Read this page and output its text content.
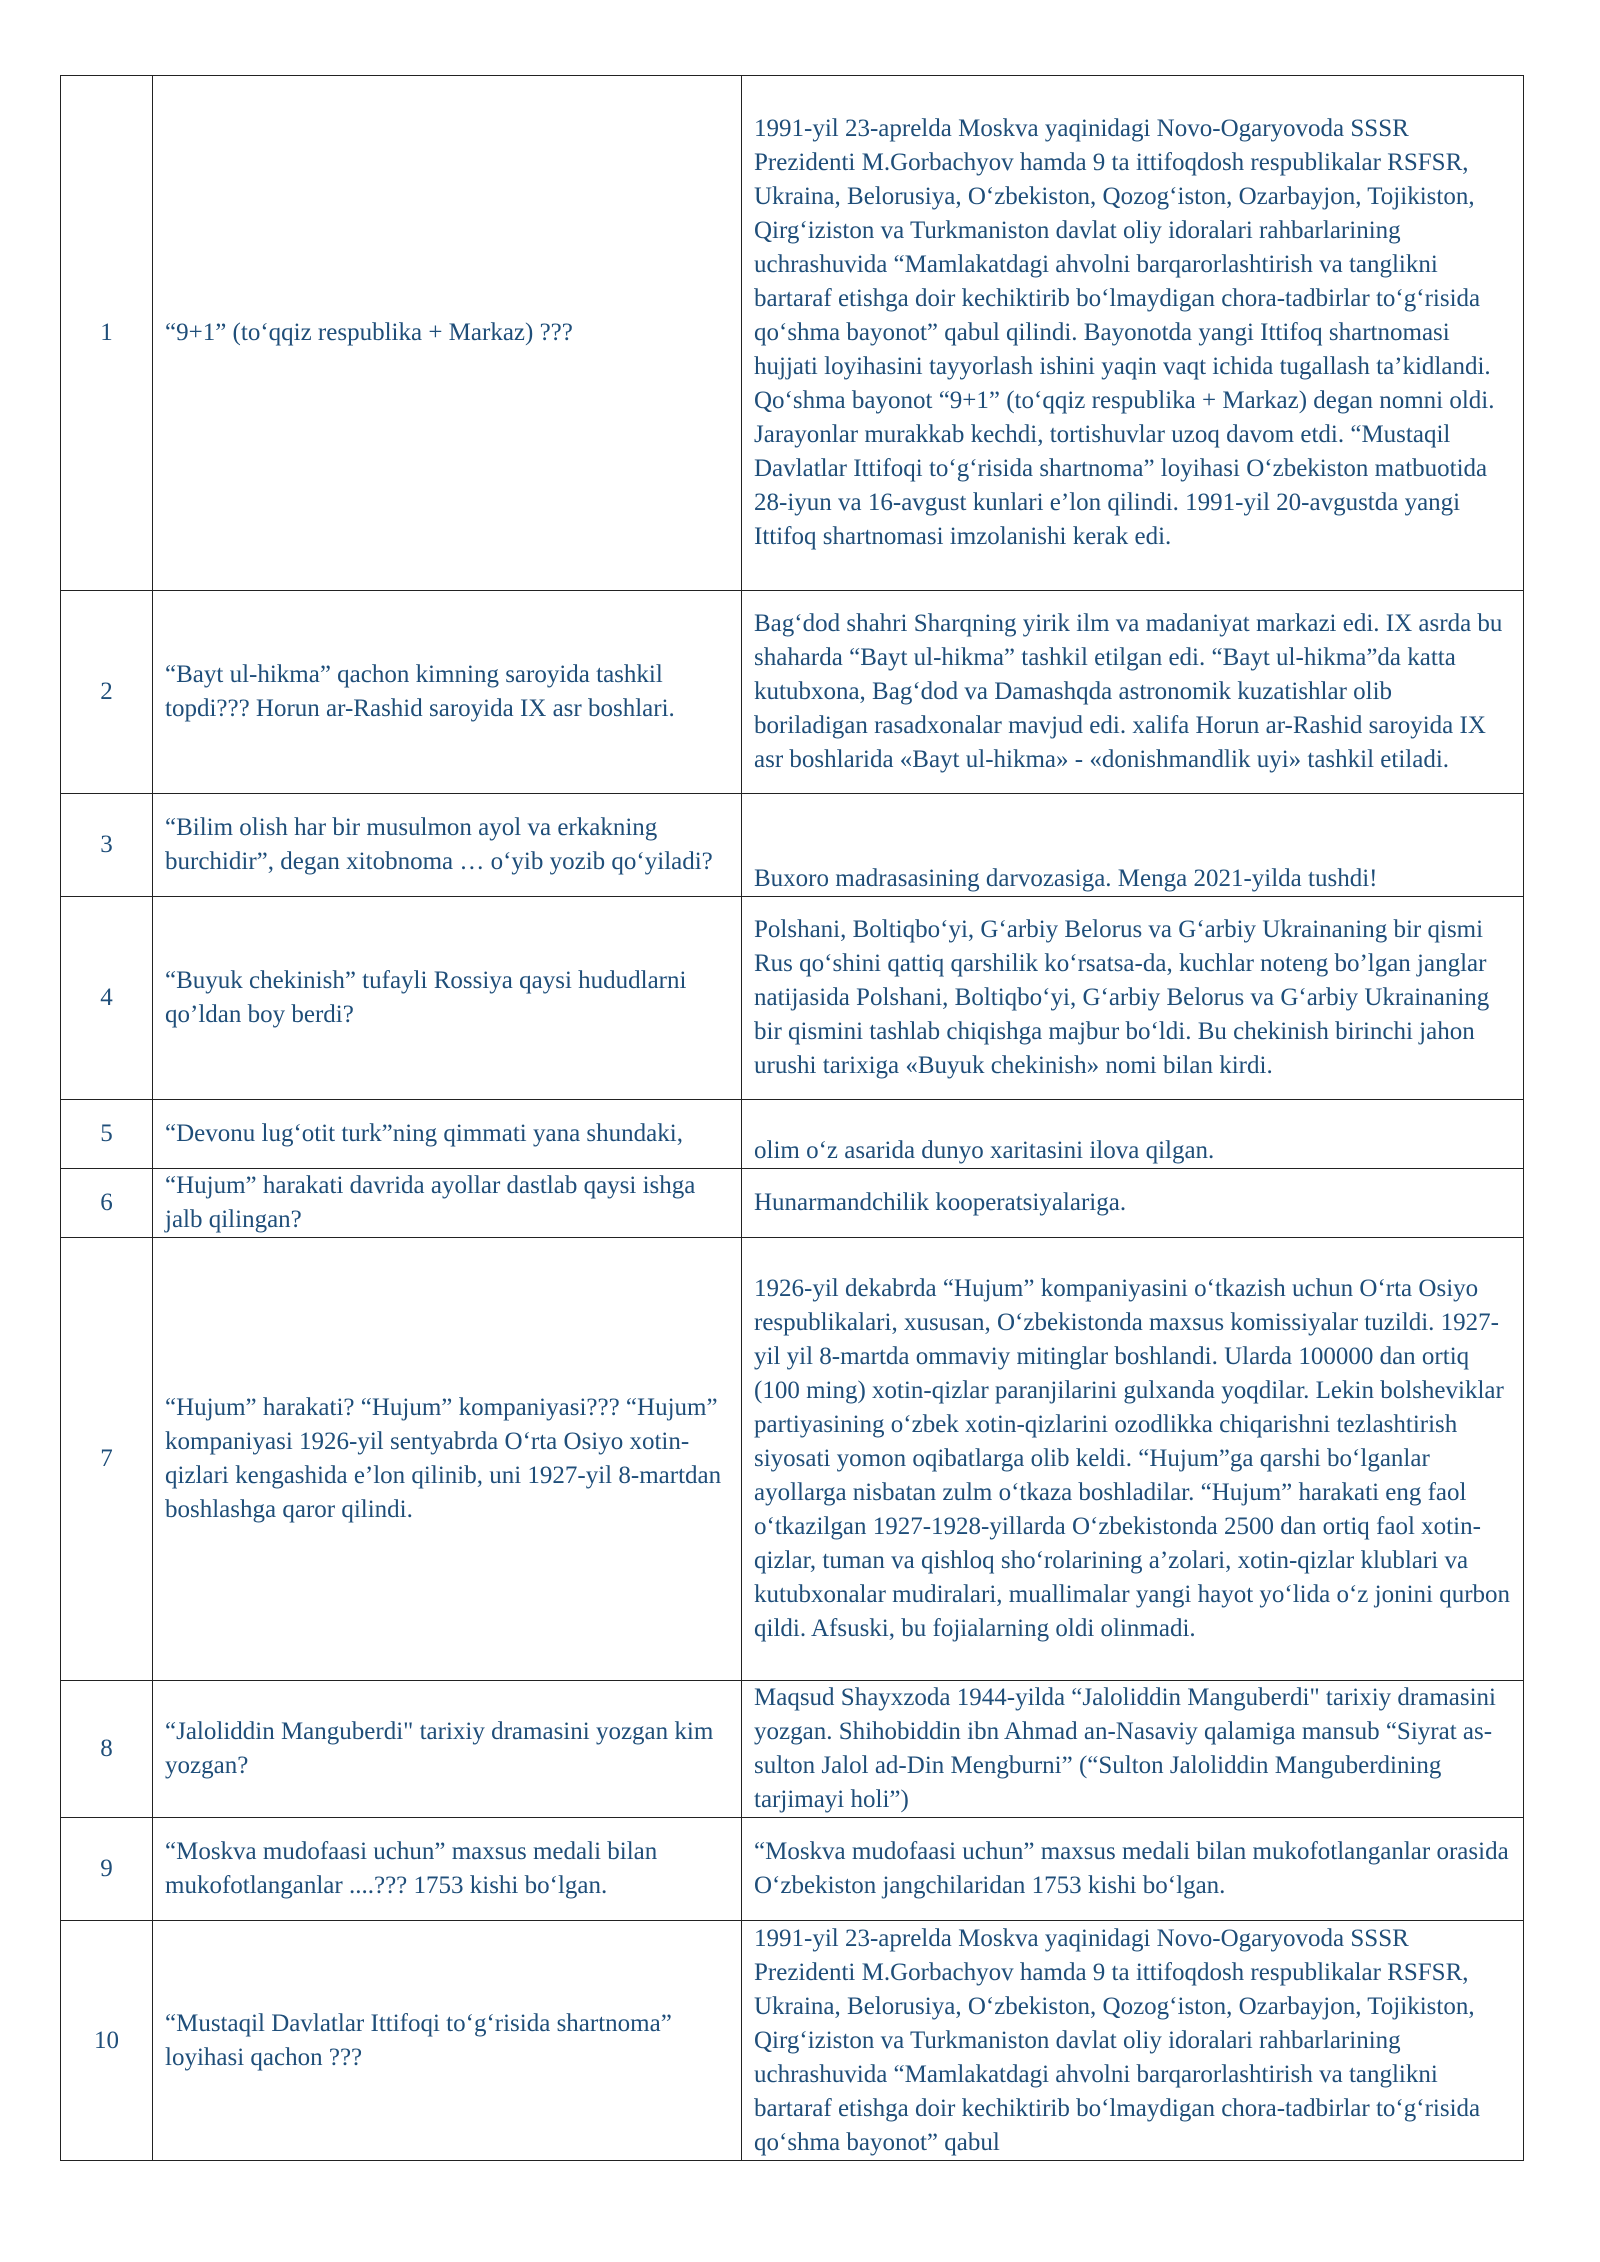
1	“9+1” (to‘qqiz respublika + Markaz) ???	1991-yil 23-aprelda Moskva yaqinidagi Novo-Ogaryovoda SSSR Prezidenti M.Gorbachyov hamda 9 ta ittifoqdosh respublikalar RSFSR, Ukraina, Belorusiya, O‘zbekiston, Qozog‘iston, Ozarbayjon, Tojikiston, Qirg‘iziston va Turkmaniston davlat oliy idoralari rahbarlarining uchrashuvida “Mamlakatdagi ahvolni barqarorlashtirish va tanglikni bartaraf etishga doir kechiktirib bo‘lmaydigan chora-tadbirlar to‘g‘risida qo‘shma bayonot” qabul qilindi. Bayonotda yangi Ittifoq shartnomasi hujjati loyihasini tayyorlash ishini yaqin vaqt ichida tugallash ta’kidlandi. Qo‘shma bayonot “9+1” (to‘qqiz respublika + Markaz) degan nomni oldi. Jarayonlar murakkab kechdi, tortishuvlar uzoq davom etdi. “Mustaqil Davlatlar Ittifoqi to‘g‘risida shartnoma” loyihasi O‘zbekiston matbuotida 28-iyun va 16-avgust kunlari e’lon qilindi. 1991-yil 20-avgustda yangi Ittifoq shartnomasi imzolanishi kerak edi.
2	“Bayt ul-hikma” qachon kimning saroyida tashkil topdi??? Horun ar-Rashid saroyida IX asr boshlari.	Bag‘dod shahri Sharqning yirik ilm va madaniyat markazi edi. IX asrda bu shaharda “Bayt ul-hikma” tashkil etilgan edi. “Bayt ul-hikma”da katta kutubxona, Bag‘dod va Damashqda astronomik kuzatishlar olib boriladigan rasadxonalar mavjud edi. xalifa Horun ar-Rashid saroyida IX asr boshlarida «Bayt ul-hikma» - «donishmandlik uyi» tashkil etiladi.
3	“Bilim olish har bir musulmon ayol va erkakning burchidir”, degan xitobnoma … o‘yib yozib qo‘yiladi?	Buxoro madrasasining darvozasiga. Menga 2021-yilda tushdi!
4	“Buyuk chekinish” tufayli Rossiya qaysi hududlarni qo’ldan boy berdi?	Polshani, Boltiqbo‘yi, G‘arbiy Belorus va G‘arbiy Ukrainaning bir qismi Rus qo‘shini qattiq qarshilik ko‘rsatsa-da, kuchlar noteng bo’lgan janglar natijasida Polshani, Boltiqbo‘yi, G‘arbiy Belorus va G‘arbiy Ukrainaning bir qismini tashlab chiqishga majbur bo‘ldi. Bu chekinish birinchi jahon urushi tarixiga «Buyuk chekinish» nomi bilan kirdi.
5	“Devonu lug‘otit turk”ning qimmati yana shundaki,	olim o‘z asarida dunyo xaritasini ilova qilgan.
6	“Hujum” harakati davrida ayollar dastlab qaysi ishga jalb qilingan?	Hunarmandchilik kooperatsiyalariga.
7	“Hujum” harakati? “Hujum” kompaniyasi??? “Hujum” kompaniyasi 1926-yil sentyabrda O‘rta Osiyo xotin-qizlari kengashida e’lon qilinib, uni 1927-yil 8-martdan boshlashga qaror qilindi.	1926-yil dekabrda “Hujum” kompaniyasini o‘tkazish uchun O‘rta Osiyo respublikalari, xususan, O‘zbekistonda maxsus komissiyalar tuzildi. 1927-yil yil 8-martda ommaviy mitinglar boshlandi. Ularda 100000 dan ortiq (100 ming) xotin-qizlar paranjilarini gulxanda yoqdilar. Lekin bolsheviklar partiyasining o‘zbek xotin-qizlarini ozodlikka chiqarishni tezlashtirish siyosati yomon oqibatlarga olib keldi. “Hujum”ga qarshi bo‘lganlar ayollarga nisbatan zulm o‘tkaza boshladilar. “Hujum” harakati eng faol o‘tkazilgan 1927-1928-yillarda O‘zbekistonda 2500 dan ortiq faol xotin-qizlar, tuman va qishloq sho‘rolarining a’zolari, xotin-qizlar klublari va kutubxonalar mudiralari, muallimalar yangi hayot yo‘lida o‘z jonini qurbon qildi. Afsuski, bu fojialarning oldi olinmadi.
8	“Jaloliddin Manguberdi" tarixiy dramasini yozgan kim yozgan?	Maqsud Shayxzoda 1944-yilda “Jaloliddin Manguberdi" tarixiy dramasini yozgan. Shihobiddin ibn Ahmad an-Nasaviy qalamiga mansub “Siyrat as-sulton Jalol ad-Din Mengburni” (“Sulton Jaloliddin Manguberdining tarjimayi holi”)
9	“Moskva mudofaasi uchun” maxsus medali bilan mukofotlanganlar ....??? 1753 kishi bo‘lgan.	“Moskva mudofaasi uchun” maxsus medali bilan mukofotlanganlar orasida O‘zbekiston jangchilaridan 1753 kishi bo‘lgan.
10	“Mustaqil Davlatlar Ittifoqi to‘g‘risida shartnoma” loyihasi qachon ???	1991-yil 23-aprelda Moskva yaqinidagi Novo-Ogaryovoda SSSR Prezidenti M.Gorbachyov hamda 9 ta ittifoqdosh respublikalar RSFSR, Ukraina, Belorusiya, O‘zbekiston, Qozog‘iston, Ozarbayjon, Tojikiston, Qirg‘iziston va Turkmaniston davlat oliy idoralari rahbarlarining uchrashuvida “Mamlakatdagi ahvolni barqarorlashtirish va tanglikni bartaraf etishga doir kechiktirib bo‘lmaydigan chora-tadbirlar to‘g‘risida qo‘shma bayonot” qabul
